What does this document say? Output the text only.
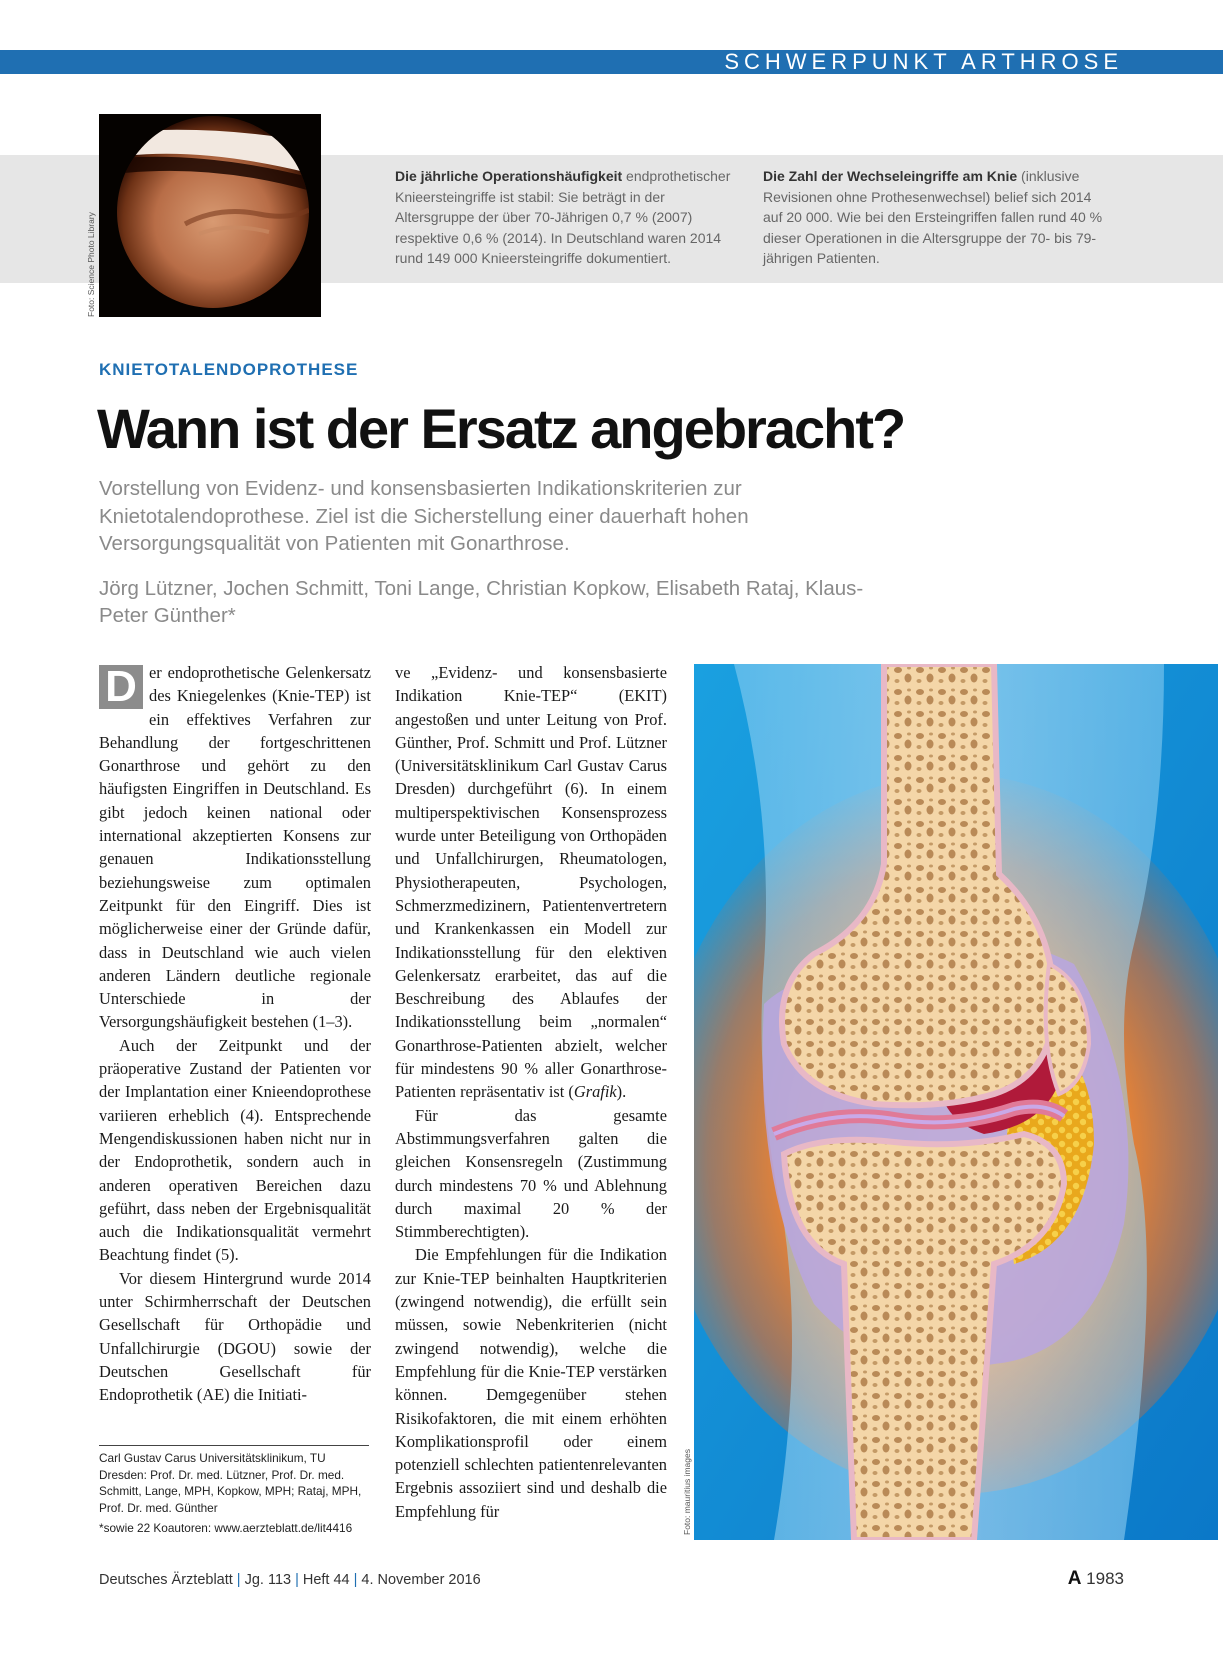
SCHWERPUNKT ARTHROSE
Foto: Science Photo Library
Die jährliche Operationshäufigkeit endprothetischer Knieersteingriffe ist stabil: Sie beträgt in der Altersgruppe der über 70-Jährigen 0,7 % (2007) respektive 0,6 % (2014). In Deutschland waren 2014 rund 149 000 Knieersteingriffe dokumentiert.
Die Zahl der Wechseleingriffe am Knie (inklusive Revisionen ohne Prothesenwechsel) belief sich 2014 auf 20 000. Wie bei den Ersteingriffen fallen rund 40 % dieser Operationen in die Altersgruppe der 70- bis 79-jährigen Patienten.
KNIETOTALENDOPROTHESE
Wann ist der Ersatz angebracht?
Vorstellung von Evidenz- und konsensbasierten Indikationskriterien zur Knietotalendoprothese. Ziel ist die Sicherstellung einer dauerhaft hohen Versorgungsqualität von Patienten mit Gonarthrose.
Jörg Lützner, Jochen Schmitt, Toni Lange, Christian Kopkow, Elisabeth Rataj, Klaus-Peter Günther*

D er endoprothetische Gelenkersatz des Kniegelenkes (Knie-TEP) ist ein effektives Verfahren zur Behandlung der fortgeschrittenen Gonarthrose und gehört zu den häufigsten Eingriffen in Deutschland. Es gibt jedoch keinen national oder international akzeptierten Konsens zur genauen Indikationsstellung beziehungsweise zum optimalen Zeitpunkt für den Eingriff. Dies ist möglicherweise einer der Gründe dafür, dass in Deutschland wie auch vielen anderen Ländern deutliche regionale Unterschiede in der Versorgungshäufigkeit bestehen (1–3).

Auch der Zeitpunkt und der präoperative Zustand der Patienten vor der Implantation einer Knieendoprothese variieren erheblich (4). Entsprechende Mengendiskussionen haben nicht nur in der Endoprothetik, sondern auch in anderen operativen Bereichen dazu geführt, dass neben der Ergebnisqualität auch die Indikationsqualität vermehrt Beachtung findet (5).

Vor diesem Hintergrund wurde 2014 unter Schirmherrschaft der Deutschen Gesellschaft für Orthopädie und Unfallchirurgie (DGOU) sowie der Deutschen Gesellschaft für Endoprothetik (AE) die Initiati-

Carl Gustav Carus Universitätsklinikum, TU Dresden: Prof. Dr. med. Lützner, Prof. Dr. med. Schmitt, Lange, MPH, Kopkow, MPH; Rataj, MPH, Prof. Dr. med. Günther
*sowie 22 Koautoren: www.aerzteblatt.de/lit4416

ve „Evidenz- und konsensbasierte Indikation Knie-TEP“ (EKIT) angestoßen und unter Leitung von Prof. Günther, Prof. Schmitt und Prof. Lützner (Universitätsklinikum Carl Gustav Carus Dresden) durchgeführt (6). In einem multiperspektivischen Konsensprozess wurde unter Beteiligung von Orthopäden und Unfallchirurgen, Rheumatologen, Physiotherapeuten, Psychologen, Schmerzmedizinern, Patientenvertretern und Krankenkassen ein Modell zur Indikationsstellung für den elektiven Gelenkersatz erarbeitet, das auf die Beschreibung des Ablaufes der Indikationsstellung beim „normalen“ Gonarthrose-Patienten abzielt, welcher für mindestens 90 % aller Gonarthrose-Patienten repräsentativ ist (Grafik).

Für das gesamte Abstimmungsverfahren galten die gleichen Konsensregeln (Zustimmung durch mindestens 70 % und Ablehnung durch maximal 20 % der Stimmberechtigten).

Die Empfehlungen für die Indikation zur Knie-TEP beinhalten Hauptkriterien (zwingend notwendig), die erfüllt sein müssen, sowie Nebenkriterien (nicht zwingend notwendig), welche die Empfehlung für die Knie-TEP verstärken können. Demgegenüber stehen Risikofaktoren, die mit einem erhöhten Komplikationsprofil oder einem potenziell schlechten patientenrelevanten Ergebnis assoziiert sind und deshalb die Empfehlung für	Foto: mauritius images
Deutsches Ärzteblatt | Jg. 113 | Heft 44 | 4. November 2016	A 1983
